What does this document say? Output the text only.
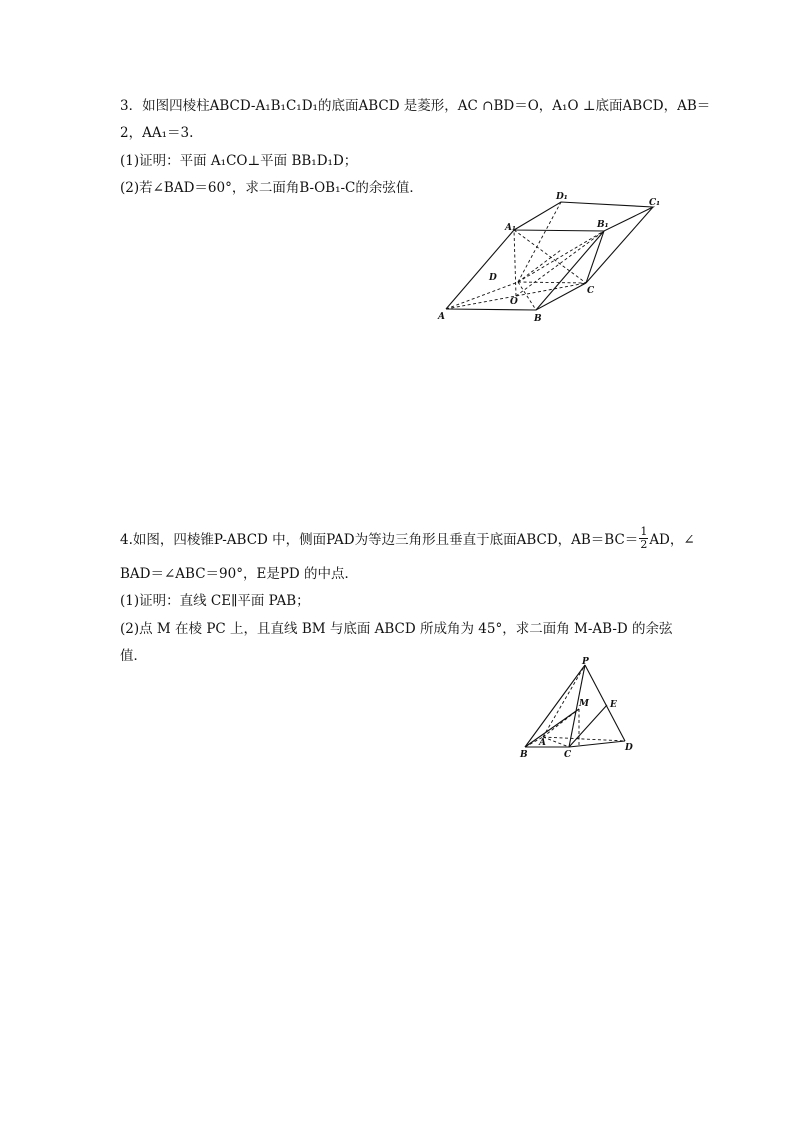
3．如图四棱柱ABCD-A₁B₁C₁D₁的底面ABCD 是菱形，AC ∩BD＝O，A₁O ⊥底面ABCD，AB＝
2，AA₁＝3.
(1)证明：平面 A₁CO⊥平面 BB₁D₁D；
(2)若∠BAD＝60°，求二面角B-OB₁-C的余弦值．
A	B
C
D
O
A₁	B₁
C₁
D₁
4.如图，四棱锥P-ABCD 中，侧面PAD为等边三角形且垂直于底面ABCD，$AB=BC= \frac{1}{2}$ AD，∠
BAD＝∠ABC＝90°，E是PD 的中点．
(1)证明：直线 CE∥平面 PAB；
(2)点 M 在棱 PC 上，且直线 BM 与底面 ABCD 所成角为 45°，求二面角 M-AB-D 的余弦
值．	P
M E
A
B	C
D
